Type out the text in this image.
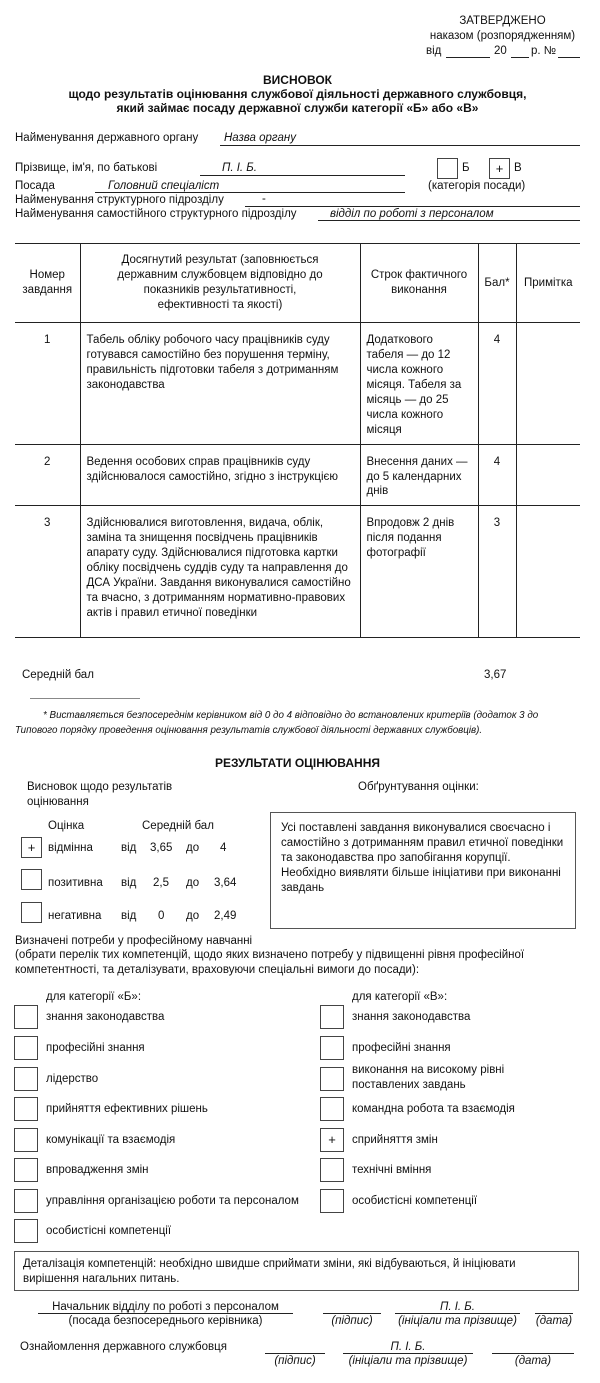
ЗАТВЕРДЖЕНО
наказом (розпорядженням)
від	20 р. №
ВИСНОВОК
щодо результатів оцінювання службової діяльності державного службовця,
який займає посаду державної служби категорії «Б» або «В»
Найменування державного органу Назва органу
Прізвище, ім'я, по батькові	П. І. Б.	Б	+ В
Посада	Головний спеціаліст	(категорія посади)
Найменування структурного підрозділу	-
Найменування самостійного структурного підрозділу	відділ по роботі з персоналом
Номер завдання	Досягнутий результат (заповнюється державним службовцем відповідно до показників результативності, ефективності та якості)	Строк фактичного виконання	Бал*	Примітка
1	Табель обліку робочого часу працівників суду готувався самостійно без порушення терміну, правильність підготовки табеля з дотриманням законодавства	Додаткового табеля — до 12 числа кожного місяця. Табеля за місяць — до 25 числа кожного місяця	4	
2	Ведення особових справ працівників суду здійснювалося самостійно, згідно з інструкцією	Внесення даних — до 5 календарних днів	4	
3	Здійснювалися виготовлення, видача, облік, заміна та знищення посвідчень працівників апарату суду. Здійснювалися підготовка картки обліку посвідчень суддів суду та направлення до ДСА України. Завдання виконувалися самостійно та вчасно, з дотриманням нормативно-правових актів і правил етичної поведінки	Впродовж 2 днів після подання фотографії	3	
Середній бал	3,67
* Виставляється безпосереднім керівником від 0 до 4 відповідно до встановлених критеріїв (додаток 3 до Типового порядку проведення оцінювання результатів службової діяльності державних службовців).
РЕЗУЛЬТАТИ ОЦІНЮВАННЯ
Висновок щодо результатів оцінювання
Обґрунтування оцінки:
Оцінка	Середній бал
+	відмінна від 3,65 до 4
позитивна від 2,5 до 3,64
негативна від 0 до 2,49
Усі поставлені завдання виконувалися своєчасно і самостійно з дотриманням правил етичної поведінки та законодавства про запобігання корупції. Необхідно виявляти більше ініціативи при виконанні завдань
Визначені потреби у професійному навчанні
(обрати перелік тих компетенцій, щодо яких визначено потребу у підвищенні рівня професійної компетентності, та деталізувати, враховуючи спеціальні вимоги до посади):
для категорії «Б»:	для категорії «В»:
знання законодавства
професійні знання
лідерство
прийняття ефективних рішень
комунікації та взаємодія
впровадження змін
управління організацією роботи та персоналом
особистісні компетенції
знання законодавства
професійні знання
виконання на високому рівні поставлених завдань
командна робота та взаємодія
+	сприйняття змін
технічні вміння
особистісні компетенції
Деталізація компетенцій: необхідно швидше сприймати зміни, які відбуваються, й ініціювати вирішення нагальних питань.
Начальник відділу по роботі з персоналом
(посада безпосереднього керівника)	(підпис)
П. І. Б.
(ініціали та прізвище)	(дата)
Ознайомлення державного службовця
(підпис)
П. І. Б.
(ініціали та прізвище)	(дата)
